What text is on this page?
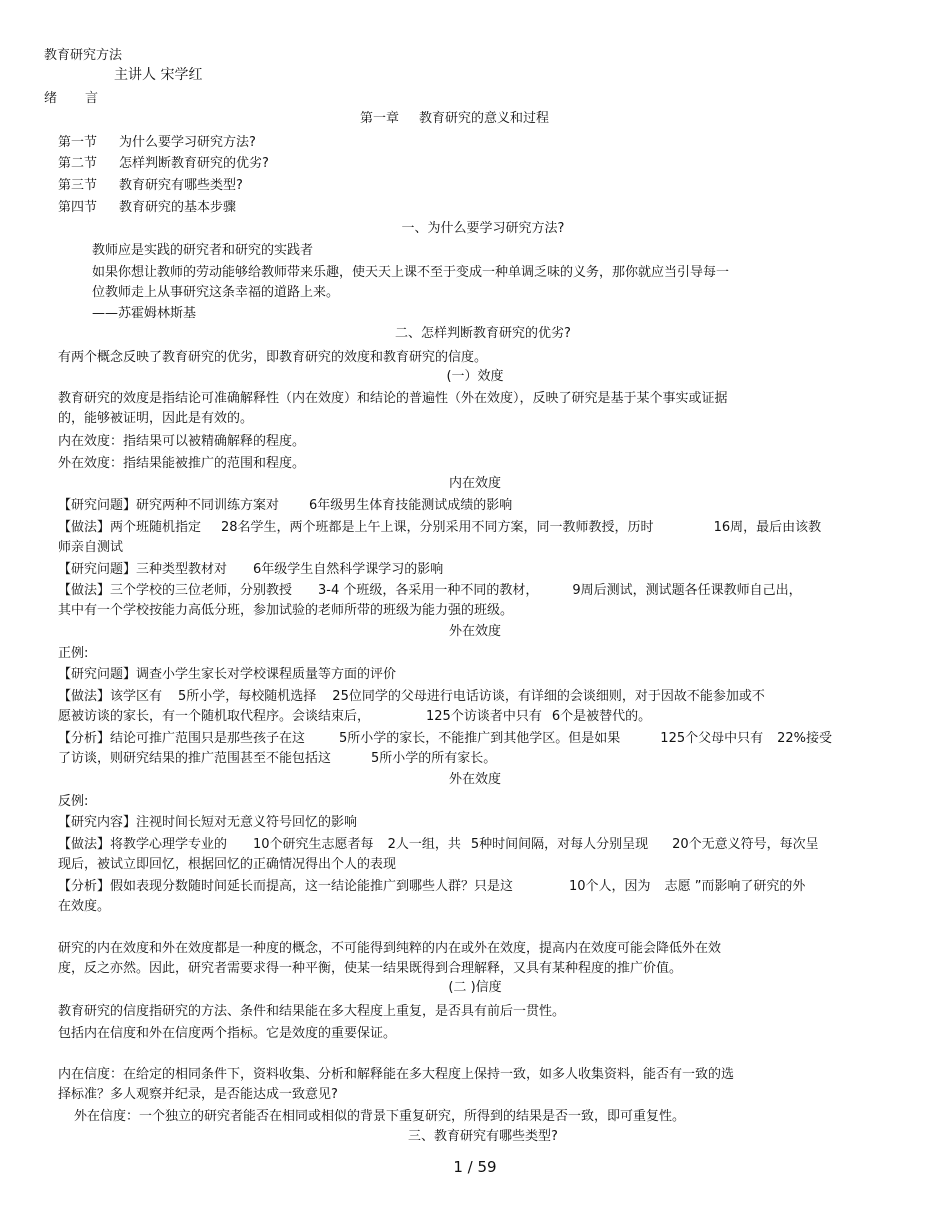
教育研究方法
主讲人 宋学红
绪 言
第一章 教育研究的意义和过程
第一节 为什么要学习研究方法?
第二节 怎样判断教育研究的优劣?
第三节 教育研究有哪些类型?
第四节 教育研究的基本步骤
一、为什么要学习研究方法?
教师应是实践的研究者和研究的实践者
如果你想让教师的劳动能够给教师带来乐趣，使天天上课不至于变成一种单调乏味的义务，那你就应当引导每一
位教师走上从事研究这条幸福的道路上来。
——苏霍姆林斯基
二、怎样判断教育研究的优劣?
有两个概念反映了教育研究的优劣，即教育研究的效度和教育研究的信度。
(一）效度
教育研究的效度是指结论可准确解释性（内在效度）和结论的普遍性（外在效度），反映了研究是基于某个事实或证据
的，能够被证明，因此是有效的。
内在效度：指结果可以被精确解释的程度。
外在效度：指结果能被推广的范围和程度。
内在效度
【研究问题】研究两种不同训练方案对 6年级男生体育技能测试成绩的影响
【做法】两个班随机指定 28名学生，两个班都是上午上课，分别采用不同方案，同一教师教授，历时	16周，最后由该教
师亲自测试
【研究问题】三种类型教材对 6年级学生自然科学课学习的影响
【做法】三个学校的三位老师，分别教授 3-4 个班级，各采用一种不同的教材，	9周后测试，测试题各任课教师自己出，
其中有一个学校按能力高低分班，参加试验的老师所带的班级为能力强的班级。
外在效度
正例:
【研究问题】调查小学生家长对学校课程质量等方面的评价
【做法】该学区有 5所小学，每校随机选择 25位同学的父母进行电话访谈，有详细的会谈细则，对于因故不能参加或不
愿被访谈的家长，有一个随机取代程序。会谈结束后，	125个访谈者中只有 6个是被替代的。
【分析】结论可推广范围只是那些孩子在这	5所小学的家长，不能推广到其他学区。但是如果	125个父母中只有 22%接受
了访谈，则研究结果的推广范围甚至不能包括这	5所小学的所有家长。
外在效度
反例:
【研究内容】注视时间长短对无意义符号回忆的影响
【做法】将教学心理学专业的 10个研究生志愿者每 2人一组，共 5种时间间隔，对每人分别呈现 20个无意义符号，每次呈
现后，被试立即回忆，根据回忆的正确情况得出个人的表现
【分析】假如表现分数随时间延长而提高，这一结论能推广到哪些人群？只是这	10个人，因为 志愿 ”而影响了研究的外
在效度。
研究的内在效度和外在效度都是一种度的概念，不可能得到纯粹的内在或外在效度，提高内在效度可能会降低外在效
度，反之亦然。因此，研究者需要求得一种平衡，使某一结果既得到合理解释，又具有某种程度的推广价值。
(二 )信度
教育研究的信度指研究的方法、条件和结果能在多大程度上重复，是否具有前后一贯性。
包括内在信度和外在信度两个指标。它是效度的重要保证。
内在信度：在给定的相同条件下，资料收集、分析和解释能在多大程度上保持一致，如多人收集资料，能否有一致的选
择标准？多人观察并纪录，是否能达成一致意见?
外在信度：一个独立的研究者能否在相同或相似的背景下重复研究，所得到的结果是否一致，即可重复性。
三、教育研究有哪些类型?
1 / 59
